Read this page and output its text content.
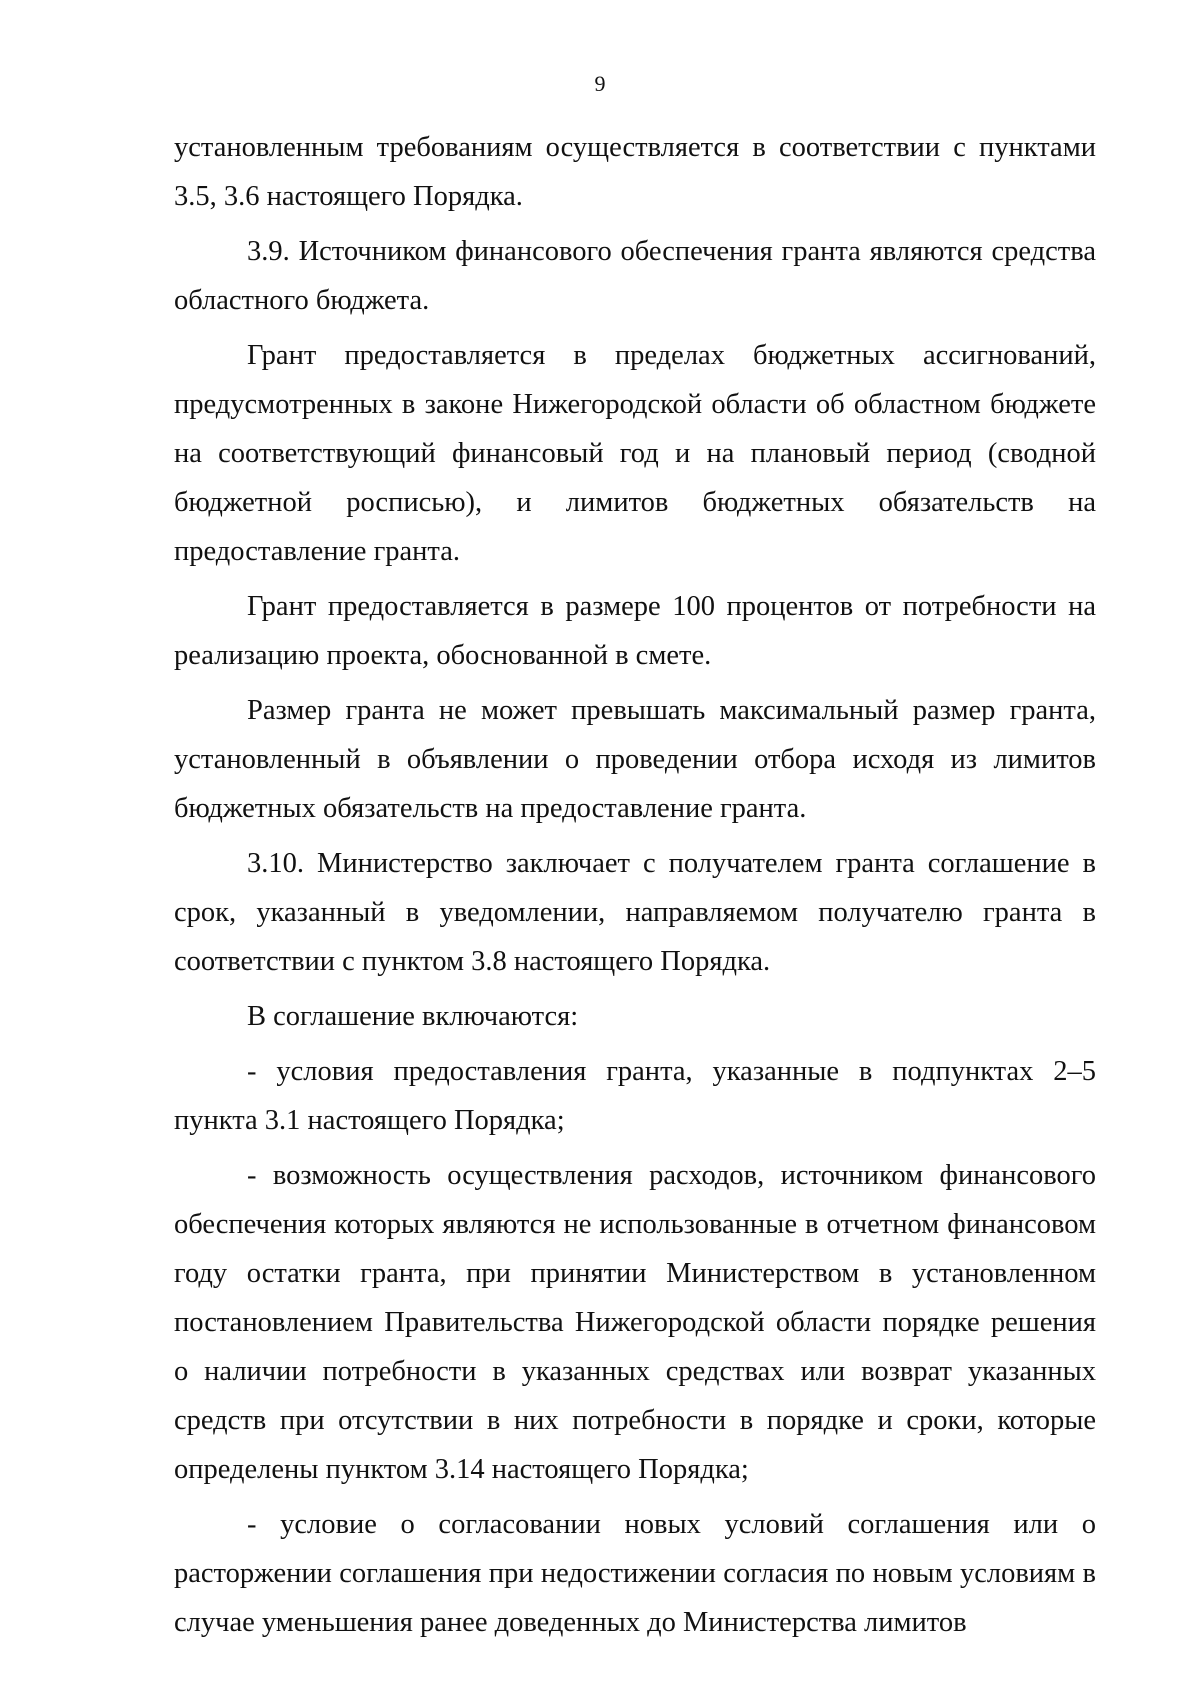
9

установленным требованиям осуществляется в соответствии с пунктами 3.5, 3.6 настоящего Порядка.

3.9. Источником финансового обеспечения гранта являются средства областного бюджета.

Грант предоставляется в пределах бюджетных ассигнований, предусмотренных в законе Нижегородской области об областном бюджете на соответствующий финансовый год и на плановый период (сводной бюджетной росписью), и лимитов бюджетных обязательств на предоставление гранта.

Грант предоставляется в размере 100 процентов от потребности на реализацию проекта, обоснованной в смете.

Размер гранта не может превышать максимальный размер гранта, установленный в объявлении о проведении отбора исходя из лимитов бюджетных обязательств на предоставление гранта.

3.10. Министерство заключает с получателем гранта соглашение в срок, указанный в уведомлении, направляемом получателю гранта в соответствии с пунктом 3.8 настоящего Порядка.

В соглашение включаются:

- условия предоставления гранта, указанные в подпунктах 2–5 пункта 3.1 настоящего Порядка;

- возможность осуществления расходов, источником финансового обеспечения которых являются не использованные в отчетном финансовом году остатки гранта, при принятии Министерством в установленном постановлением Правительства Нижегородской области порядке решения о наличии потребности в указанных средствах или возврат указанных средств при отсутствии в них потребности в порядке и сроки, которые определены пунктом 3.14 настоящего Порядка;

- условие о согласовании новых условий соглашения или о расторжении соглашения при недостижении согласия по новым условиям в случае уменьшения ранее доведенных до Министерства лимитов
